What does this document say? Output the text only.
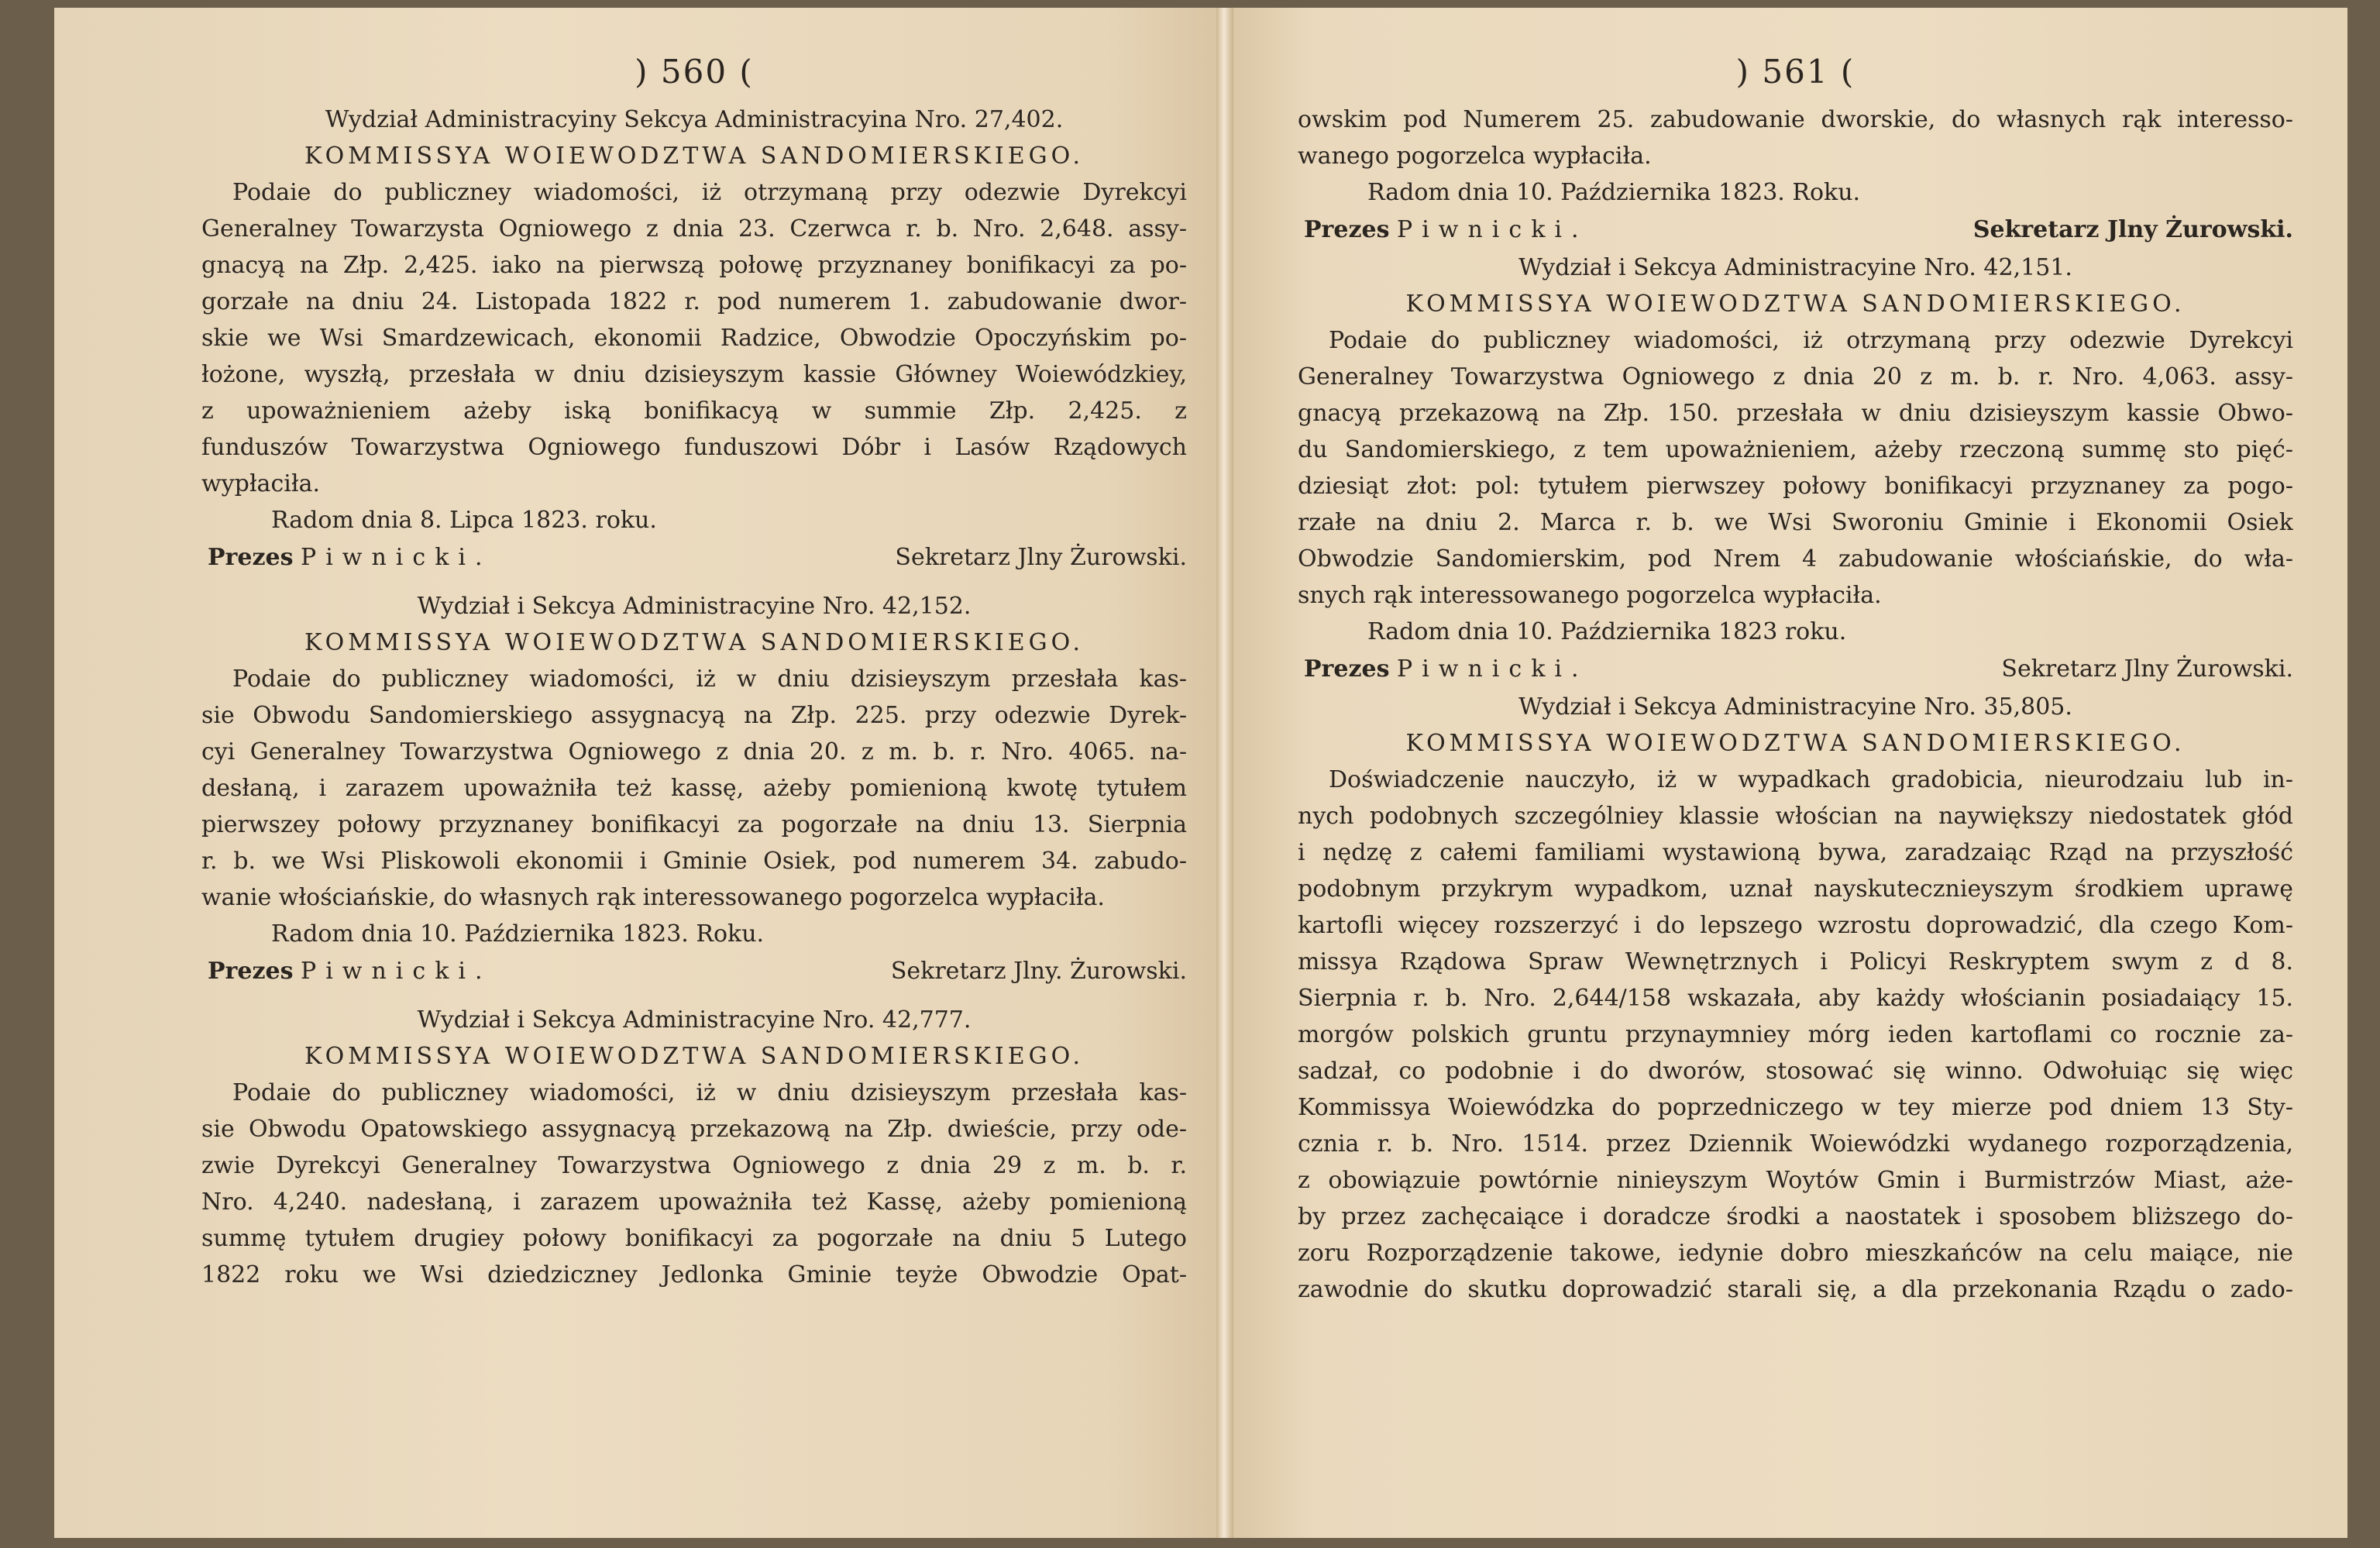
) 560 (
Wydział Administracyiny Sekcya Administracyina Nro. 27,402.
KOMMISSYA WOIEWODZTWA SANDOMIERSKIEGO.
Podaie do publiczney wiadomości, iż otrzymaną przy odezwie Dyrekcyi
Generalney Towarzysta Ogniowego z dnia 23. Czerwca r. b. Nro. 2,648. assy-
gnacyą na Złp. 2,425. iako na pierwszą połowę przyznaney bonifikacyi za po-
gorzałe na dniu 24. Listopada 1822 r. pod numerem 1. zabudowanie dwor-
skie we Wsi Smardzewicach, ekonomii Radzice, Obwodzie Opoczyńskim po-
łożone, wyszłą, przesłała w dniu dzisieyszym kassie Główney Woiewódzkiey,
z upoważnieniem ażeby iską bonifikacyą w summie Złp. 2,425. z
funduszów Towarzystwa Ogniowego funduszowi Dóbr i Lasów Rządowych
wypłaciła.
Radom dnia 8. Lipca 1823. roku.
Prezes Piwnicki.	Sekretarz Jlny Żurowski.
Wydział i Sekcya Administracyine Nro. 42,152.
KOMMISSYA WOIEWODZTWA SANDOMIERSKIEGO.
Podaie do publiczney wiadomości, iż w dniu dzisieyszym przesłała kas-
sie Obwodu Sandomierskiego assygnacyą na Złp. 225. przy odezwie Dyrek-
cyi Generalney Towarzystwa Ogniowego z dnia 20. z m. b. r. Nro. 4065. na-
desłaną, i zarazem upoważniła też kassę, ażeby pomienioną kwotę tytułem
pierwszey połowy przyznaney bonifikacyi za pogorzałe na dniu 13. Sierpnia
r. b. we Wsi Pliskowoli ekonomii i Gminie Osiek, pod numerem 34. zabudo-
wanie włościańskie, do własnych rąk interessowanego pogorzelca wypłaciła.
Radom dnia 10. Października 1823. Roku.
Prezes Piwnicki.	Sekretarz Jlny. Żurowski.
Wydział i Sekcya Administracyine Nro. 42,777.
KOMMISSYA WOIEWODZTWA SANDOMIERSKIEGO.
Podaie do publiczney wiadomości, iż w dniu dzisieyszym przesłała kas-
sie Obwodu Opatowskiego assygnacyą przekazową na Złp. dwieście, przy ode-
zwie Dyrekcyi Generalney Towarzystwa Ogniowego z dnia 29 z m. b. r.
Nro. 4,240. nadesłaną, i zarazem upoważniła też Kassę, ażeby pomienioną
summę tytułem drugiey połowy bonifikacyi za pogorzałe na dniu 5 Lutego
1822 roku we Wsi dziedziczney Jedlonka Gminie teyże Obwodzie Opat-
) 561 (
owskim pod Numerem 25. zabudowanie dworskie, do własnych rąk interesso-
wanego pogorzelca wypłaciła.
Radom dnia 10. Października 1823. Roku.
Prezes Piwnicki.	Sekretarz Jlny Żurowski.
Wydział i Sekcya Administracyine Nro. 42,151.
KOMMISSYA WOIEWODZTWA SANDOMIERSKIEGO.
Podaie do publiczney wiadomości, iż otrzymaną przy odezwie Dyrekcyi
Generalney Towarzystwa Ogniowego z dnia 20 z m. b. r. Nro. 4,063. assy-
gnacyą przekazową na Złp. 150. przesłała w dniu dzisieyszym kassie Obwo-
du Sandomierskiego, z tem upoważnieniem, ażeby rzeczoną summę sto pięć-
dziesiąt złot: pol: tytułem pierwszey połowy bonifikacyi przyznaney za pogo-
rzałe na dniu 2. Marca r. b. we Wsi Sworoniu Gminie i Ekonomii Osiek
Obwodzie Sandomierskim, pod Nrem 4 zabudowanie włościańskie, do wła-
snych rąk interessowanego pogorzelca wypłaciła.
Radom dnia 10. Października 1823 roku.
Prezes Piwnicki.	Sekretarz Jlny Żurowski.
Wydział i Sekcya Administracyine Nro. 35,805.
KOMMISSYA WOIEWODZTWA SANDOMIERSKIEGO.
Doświadczenie nauczyło, iż w wypadkach gradobicia, nieurodzaiu lub in-
nych podobnych szczególniey klassie włościan na naywiększy niedostatek głód
i nędzę z całemi familiami wystawioną bywa, zaradzaiąc Rząd na przyszłość
podobnym przykrym wypadkom, uznał nayskutecznieyszym środkiem uprawę
kartofli więcey rozszerzyć i do lepszego wzrostu doprowadzić, dla czego Kom-
missya Rządowa Spraw Wewnętrznych i Policyi Reskryptem swym z d 8.
Sierpnia r. b. Nro. 2,644/158 wskazała, aby każdy włościanin posiadaiący 15.
morgów polskich gruntu przynaymniey mórg ieden kartoflami co rocznie za-
sadzał, co podobnie i do dworów, stosować się winno. Odwołuiąc się więc
Kommissya Woiewódzka do poprzedniczego w tey mierze pod dniem 13 Sty-
cznia r. b. Nro. 1514. przez Dziennik Woiewódzki wydanego rozporządzenia,
z obowiązuie powtórnie ninieyszym Woytów Gmin i Burmistrzów Miast, aże-
by przez zachęcaiące i doradcze środki a naostatek i sposobem bliższego do-
zoru Rozporządzenie takowe, iedynie dobro mieszkańców na celu maiące, nie
zawodnie do skutku doprowadzić starali się, a dla przekonania Rządu o zado-
